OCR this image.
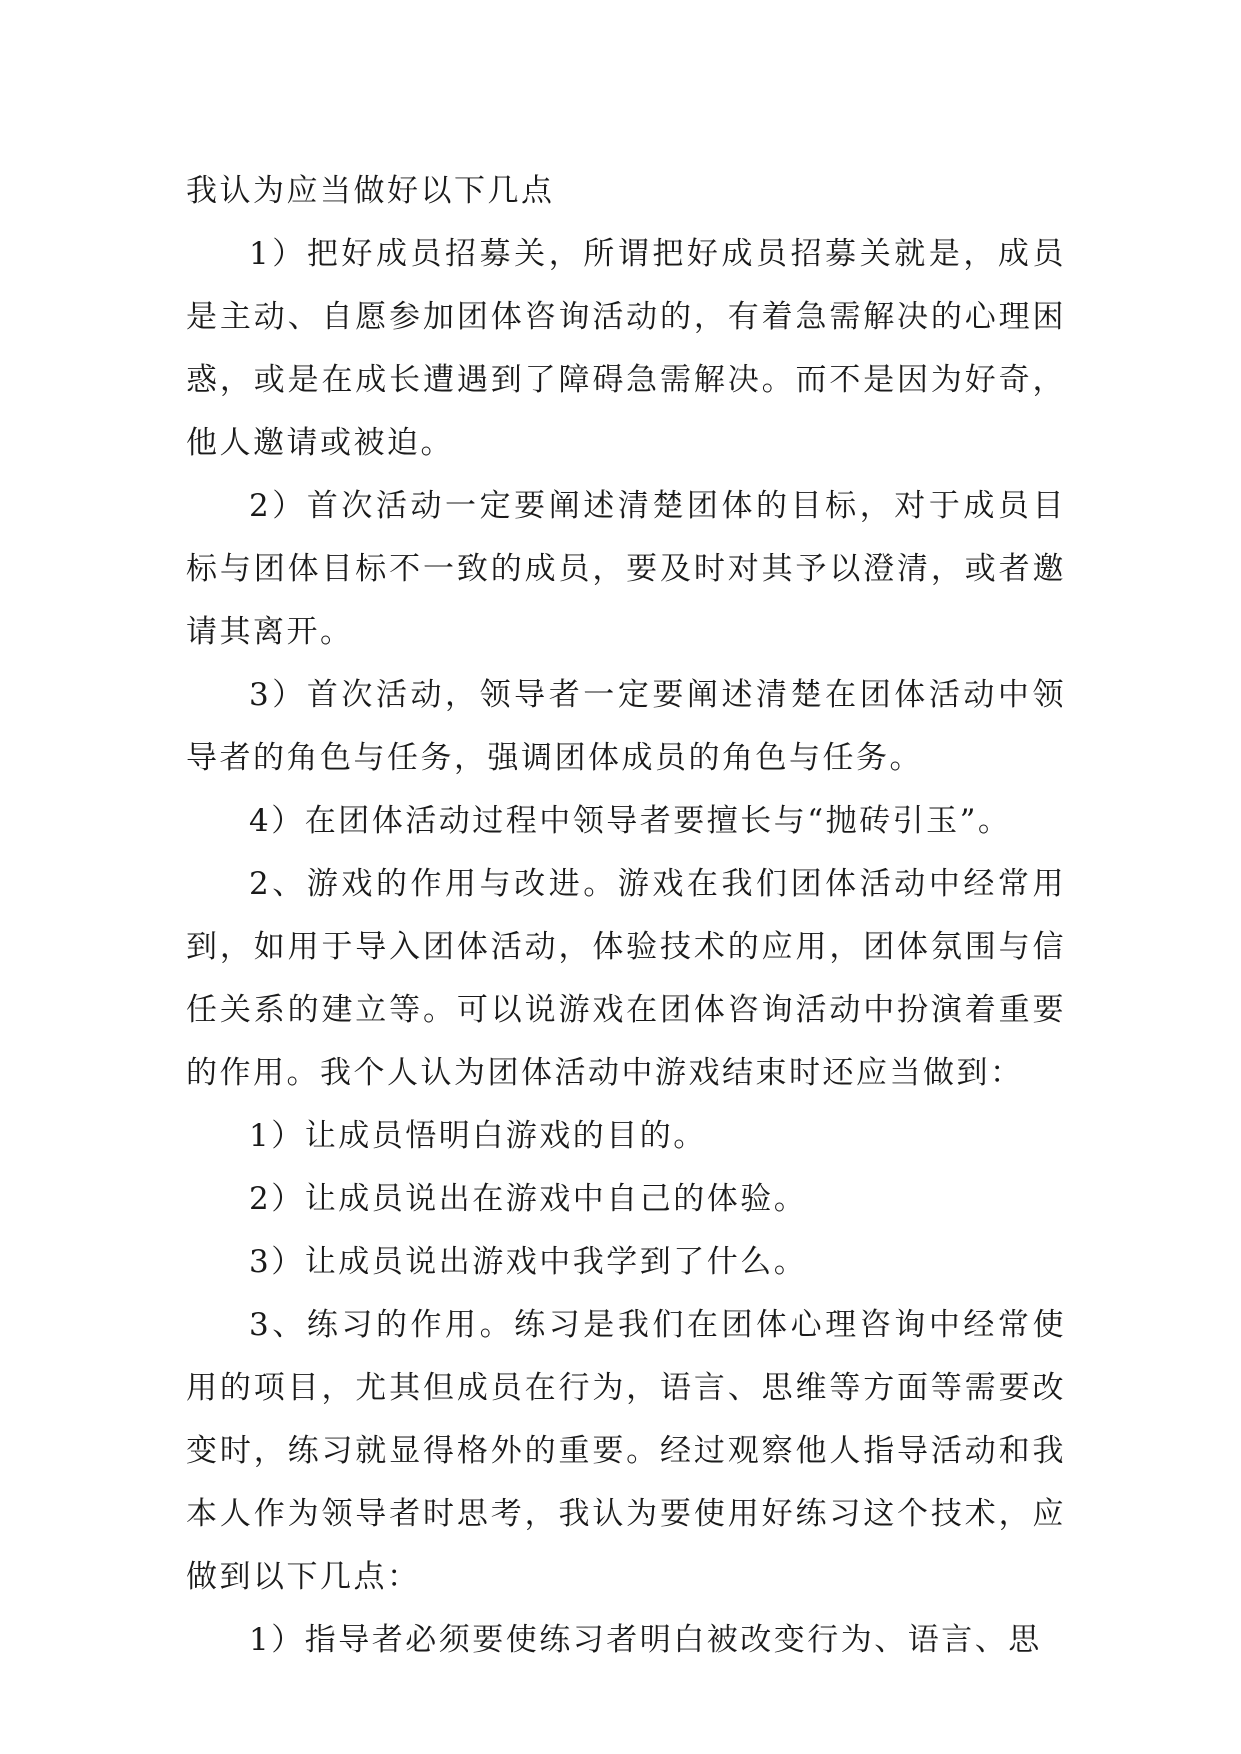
我认为应当做好以下几点

1）把好成员招募关，所谓把好成员招募关就是，成员是主动、自愿参加团体咨询活动的，有着急需解决的心理困惑，或是在成长遭遇到了障碍急需解决。而不是因为好奇，他人邀请或被迫。

2）首次活动一定要阐述清楚团体的目标，对于成员目标与团体目标不一致的成员，要及时对其予以澄清，或者邀请其离开。

3）首次活动，领导者一定要阐述清楚在团体活动中领导者的角色与任务，强调团体成员的角色与任务。

4）在团体活动过程中领导者要擅长与“抛砖引玉”。

2、游戏的作用与改进。游戏在我们团体活动中经常用到，如用于导入团体活动，体验技术的应用，团体氛围与信任关系的建立等。可以说游戏在团体咨询活动中扮演着重要的作用。我个人认为团体活动中游戏结束时还应当做到：

1）让成员悟明白游戏的目的。

2）让成员说出在游戏中自己的体验。

3）让成员说出游戏中我学到了什么。

3、练习的作用。练习是我们在团体心理咨询中经常使用的项目，尤其但成员在行为，语言、思维等方面等需要改变时，练习就显得格外的重要。经过观察他人指导活动和我本人作为领导者时思考，我认为要使用好练习这个技术，应做到以下几点：

1）指导者必须要使练习者明白被改变行为、语言、思
